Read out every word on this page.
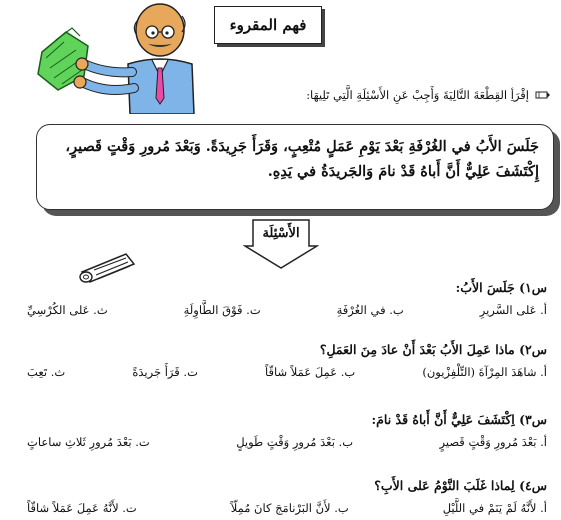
فهم المقروء
إقْرَأِ القِطْعَةَ التَّالِيَةَ وَأَجِبْ عَنِ الأَسْئِلَةِ الَّتِي تَلِيهَا:
جَلَسَ الأَبُ في الغُرْفَةِ بَعْدَ يَوْمِ عَمَلٍ مُتْعِبٍ، وَقَرَأَ جَرِيدَةً. وَبَعْدَ مُرورِ وَقْتٍ قَصيرٍ،
إِكْتَشَفَ عَلِيٌّ أَنَّ أَباهُ قَدْ نامَ وَالجَريدَةُ في يَدِهِ.
الأَسْئِلَة
س١) جَلَسَ الأَبُ:
أ. عَلى السَّريرِ
ب. في الغُرْفَةِ
ت. فَوْقَ الطَّاوِلَةِ
ث. عَلى الكُرْسِيِّ
س٢) ماذا عَمِلَ الأَبُ بَعْدَ أَنْ عادَ مِنَ العَمَلِ؟
أ. شاهَدَ المِرْآةَ (التِّلْفِزْيون)
ب. عَمِلَ عَمَلاً شاقّاً
ت. قَرَأَ جَريدَةً
ث. تَعِبَ
س٣) اِكْتَشَفَ عَلِيٌّ أَنَّ أَباهُ قَدْ نامَ:
أ. بَعْدَ مُرورِ وَقْتٍ قَصيرٍ
ب. بَعْدَ مُرورِ وَقْتٍ طَويلٍ
ت. بَعْدَ مُرورِ ثَلاثِ ساعاتٍ
س٤) لِماذا غَلَبَ النَّوْمُ عَلى الأَبِ؟
أ. لأَنَّهُ لَمْ يَنَمْ في اللَّيْلِ
ب. لأَنَّ البَرْنامَجَ كانَ مُمِلّاً
ت. لأَنَّهُ عَمِلَ عَمَلاً شاقّاً
